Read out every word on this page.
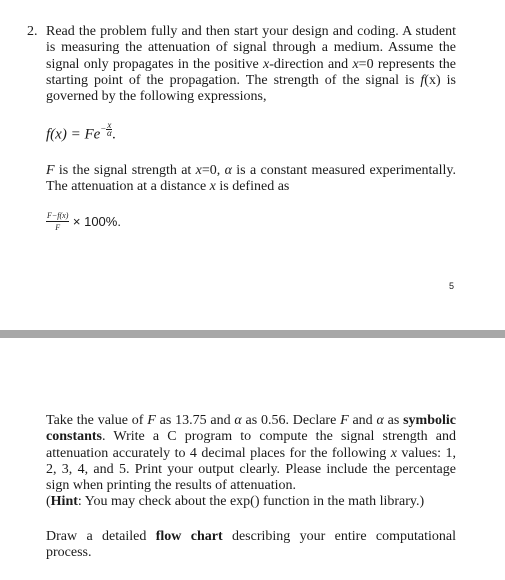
2. Read the problem fully and then start your design and coding. A student is measuring the attenuation of signal through a medium. Assume the signal only propagates in the positive x-direction and x=0 represents the starting point of the propagation. The strength of the signal is f(x) is governed by the following expressions,
$f(x) = Fe- \frac{x}{\alpha}$ .
F is the signal strength at x=0, α is a constant measured experimentally. The attenuation at a distance x is defined as
$\frac{F-f(x)}{F} \times 100\%$.
5
Take the value of F as 13.75 and α as 0.56. Declare F and α as symbolic constants. Write a C program to compute the signal strength and attenuation accurately to 4 decimal places for the following x values: 1, 2, 3, 4, and 5. Print your output clearly. Please include the percentage sign when printing the results of attenuation.
(Hint: You may check about the exp() function in the math library.)
Draw a detailed flow chart describing your entire computational process.
